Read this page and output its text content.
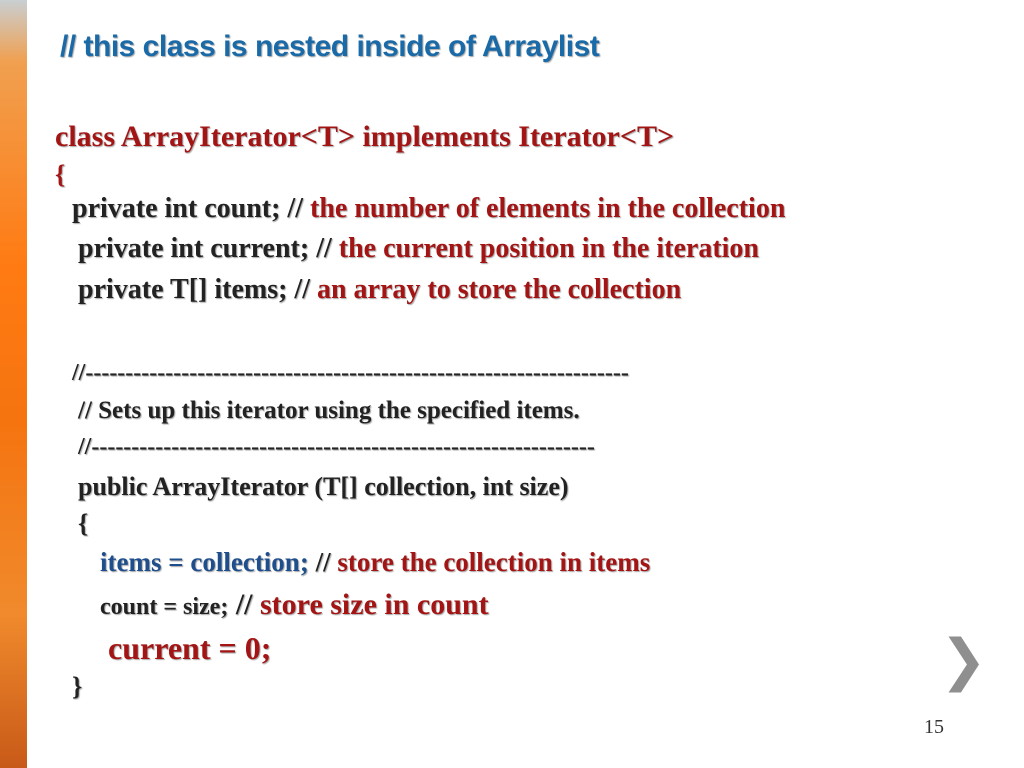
// this class is nested inside of Arraylist
class ArrayIterator<T> implements Iterator<T>
{
private int count; // the number of elements in the collection
private int current; // the current position in the iteration
private T[] items; // an array to store the collection
//--------------------------------------------------------------------
// Sets up this iterator using the specified items.
//---------------------------------------------------------------
public ArrayIterator (T[] collection, int size)
{
items = collection; // store the collection in items
count = size; // store size in count
current = 0;
}	❯
15
